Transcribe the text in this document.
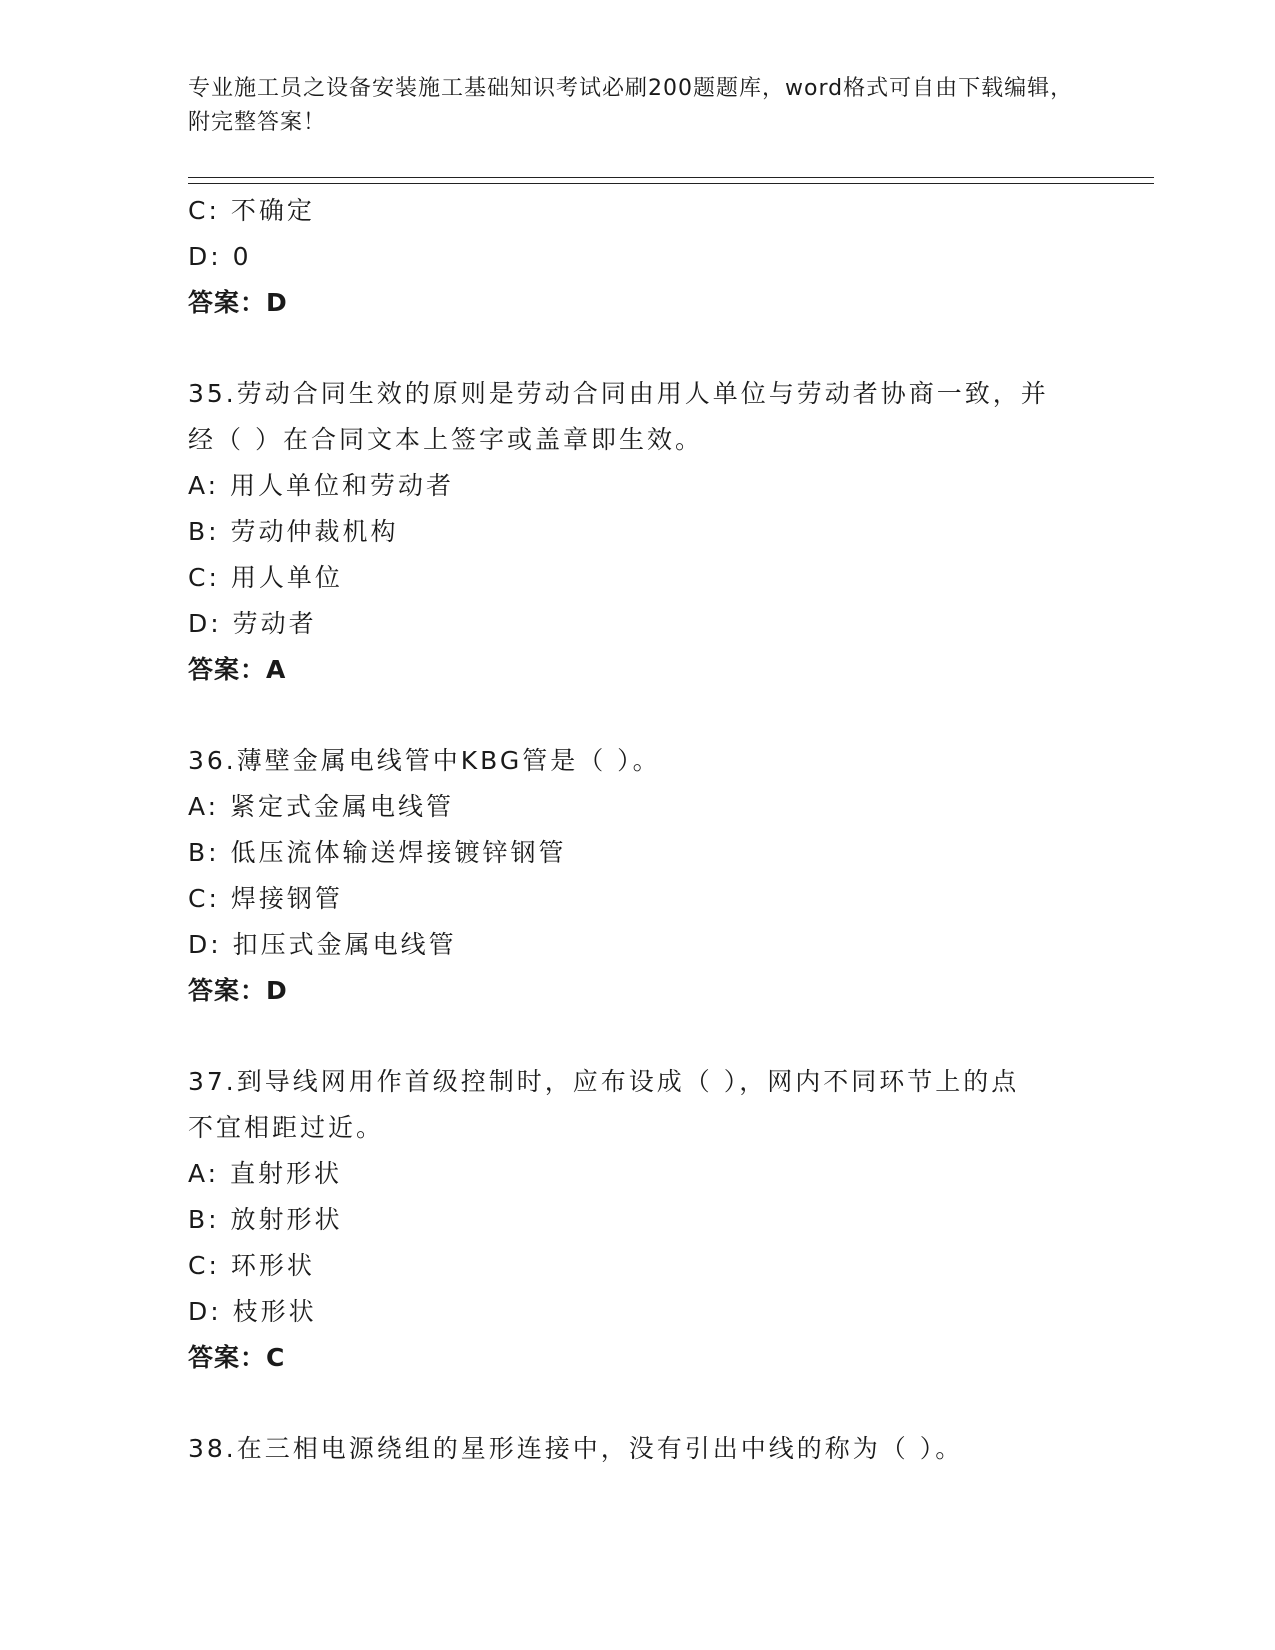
专业施工员之设备安装施工基础知识考试必刷200题题库，word格式可自由下载编辑，附完整答案！
C: 不确定
D: 0
答案：D
35.劳动合同生效的原则是劳动合同由用人单位与劳动者协商一致，并
经（ ）在合同文本上签字或盖章即生效。
A: 用人单位和劳动者
B: 劳动仲裁机构
C: 用人单位
D: 劳动者
答案：A
36.薄壁金属电线管中KBG管是（ ）。
A: 紧定式金属电线管
B: 低压流体输送焊接镀锌钢管
C: 焊接钢管
D: 扣压式金属电线管
答案：D
37.到导线网用作首级控制时，应布设成（ ），网内不同环节上的点
不宜相距过近。
A: 直射形状
B: 放射形状
C: 环形状
D: 枝形状
答案：C
38.在三相电源绕组的星形连接中，没有引出中线的称为（ ）。
